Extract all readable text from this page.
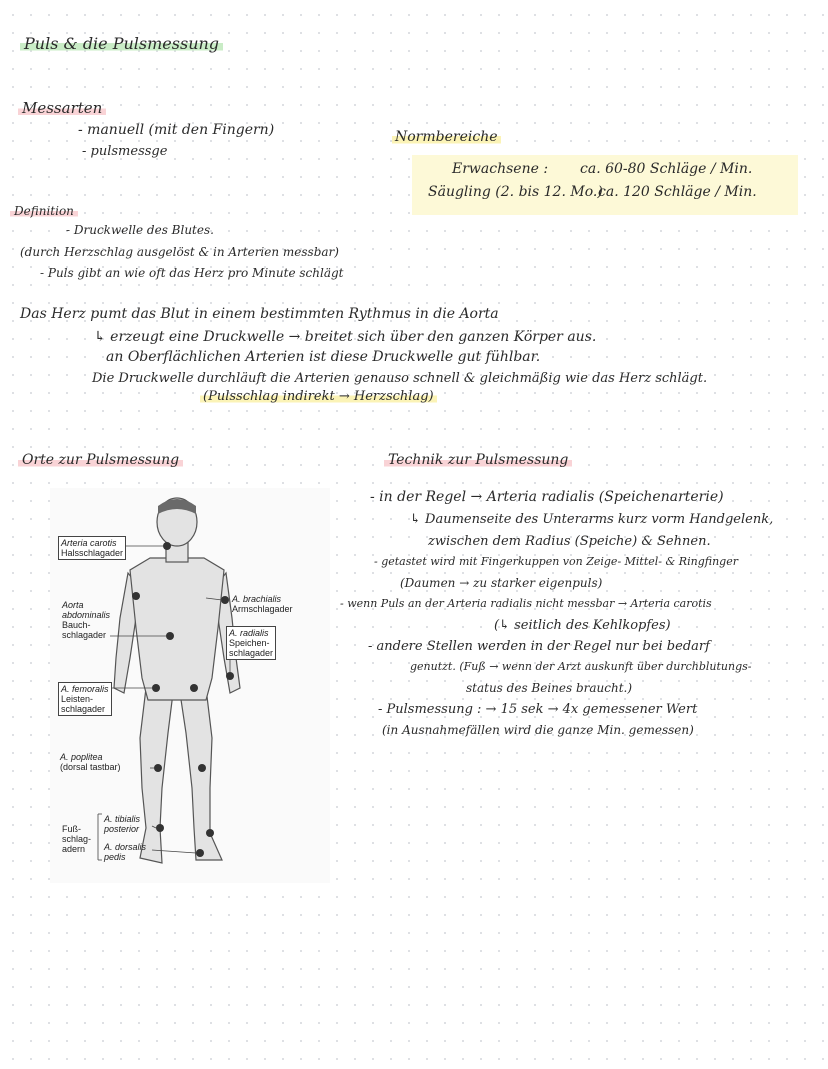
Puls & die Pulsmessung
Messarten
- manuell (mit den Fingern)
- pulsmessge
Normbereiche
Erwachsene : ca. 60-80 Schläge / Min.
Säugling (2. bis 12. Mo.)
ca. 120 Schläge / Min.
Definition
- Druckwelle des Blutes.
(durch Herzschlag ausgelöst & in Arterien messbar)
- Puls gibt an wie oft das Herz pro Minute schlägt
Das Herz pumt das Blut in einem bestimmten Rythmus in die Aorta
↳ erzeugt eine Druckwelle → breitet sich über den ganzen Körper aus.
an Oberflächlichen Arterien ist diese Druckwelle gut fühlbar.
Die Druckwelle durchläuft die Arterien genauso schnell & gleichmäßig wie das Herz schlägt.
(Pulsschlag indirekt → Herzschlag)
Orte zur Pulsmessung
Arteria carotis
Halsschlagader
Aorta
abdominalis
Bauch-
schlagader
A. femoralis
Leisten-
schlagader
A. poplitea
(dorsal tastbar)
A. brachialis
Armschlagader
A. radialis
Speichen-
schlagader
Fuß-
schlag-
adern
A. tibialis
posterior
A. dorsalis
pedis
Technik zur Pulsmessung
- in der Regel → Arteria radialis (Speichenarterie)
↳ Daumenseite des Unterarms kurz vorm Handgelenk,
zwischen dem Radius (Speiche) & Sehnen.
- getastet wird mit Fingerkuppen von Zeige- Mittel- & Ringfinger
(Daumen → zu starker eigenpuls)
- wenn Puls an der Arteria radialis nicht messbar → Arteria carotis
(↳ seitlich des Kehlkopfes)
- andere Stellen werden in der Regel nur bei bedarf
genutzt. (Fuß → wenn der Arzt auskunft über durchblutungs-
status des Beines braucht.)
- Pulsmessung : → 15 sek → 4x gemessener Wert
(in Ausnahmefällen wird die ganze Min. gemessen)
